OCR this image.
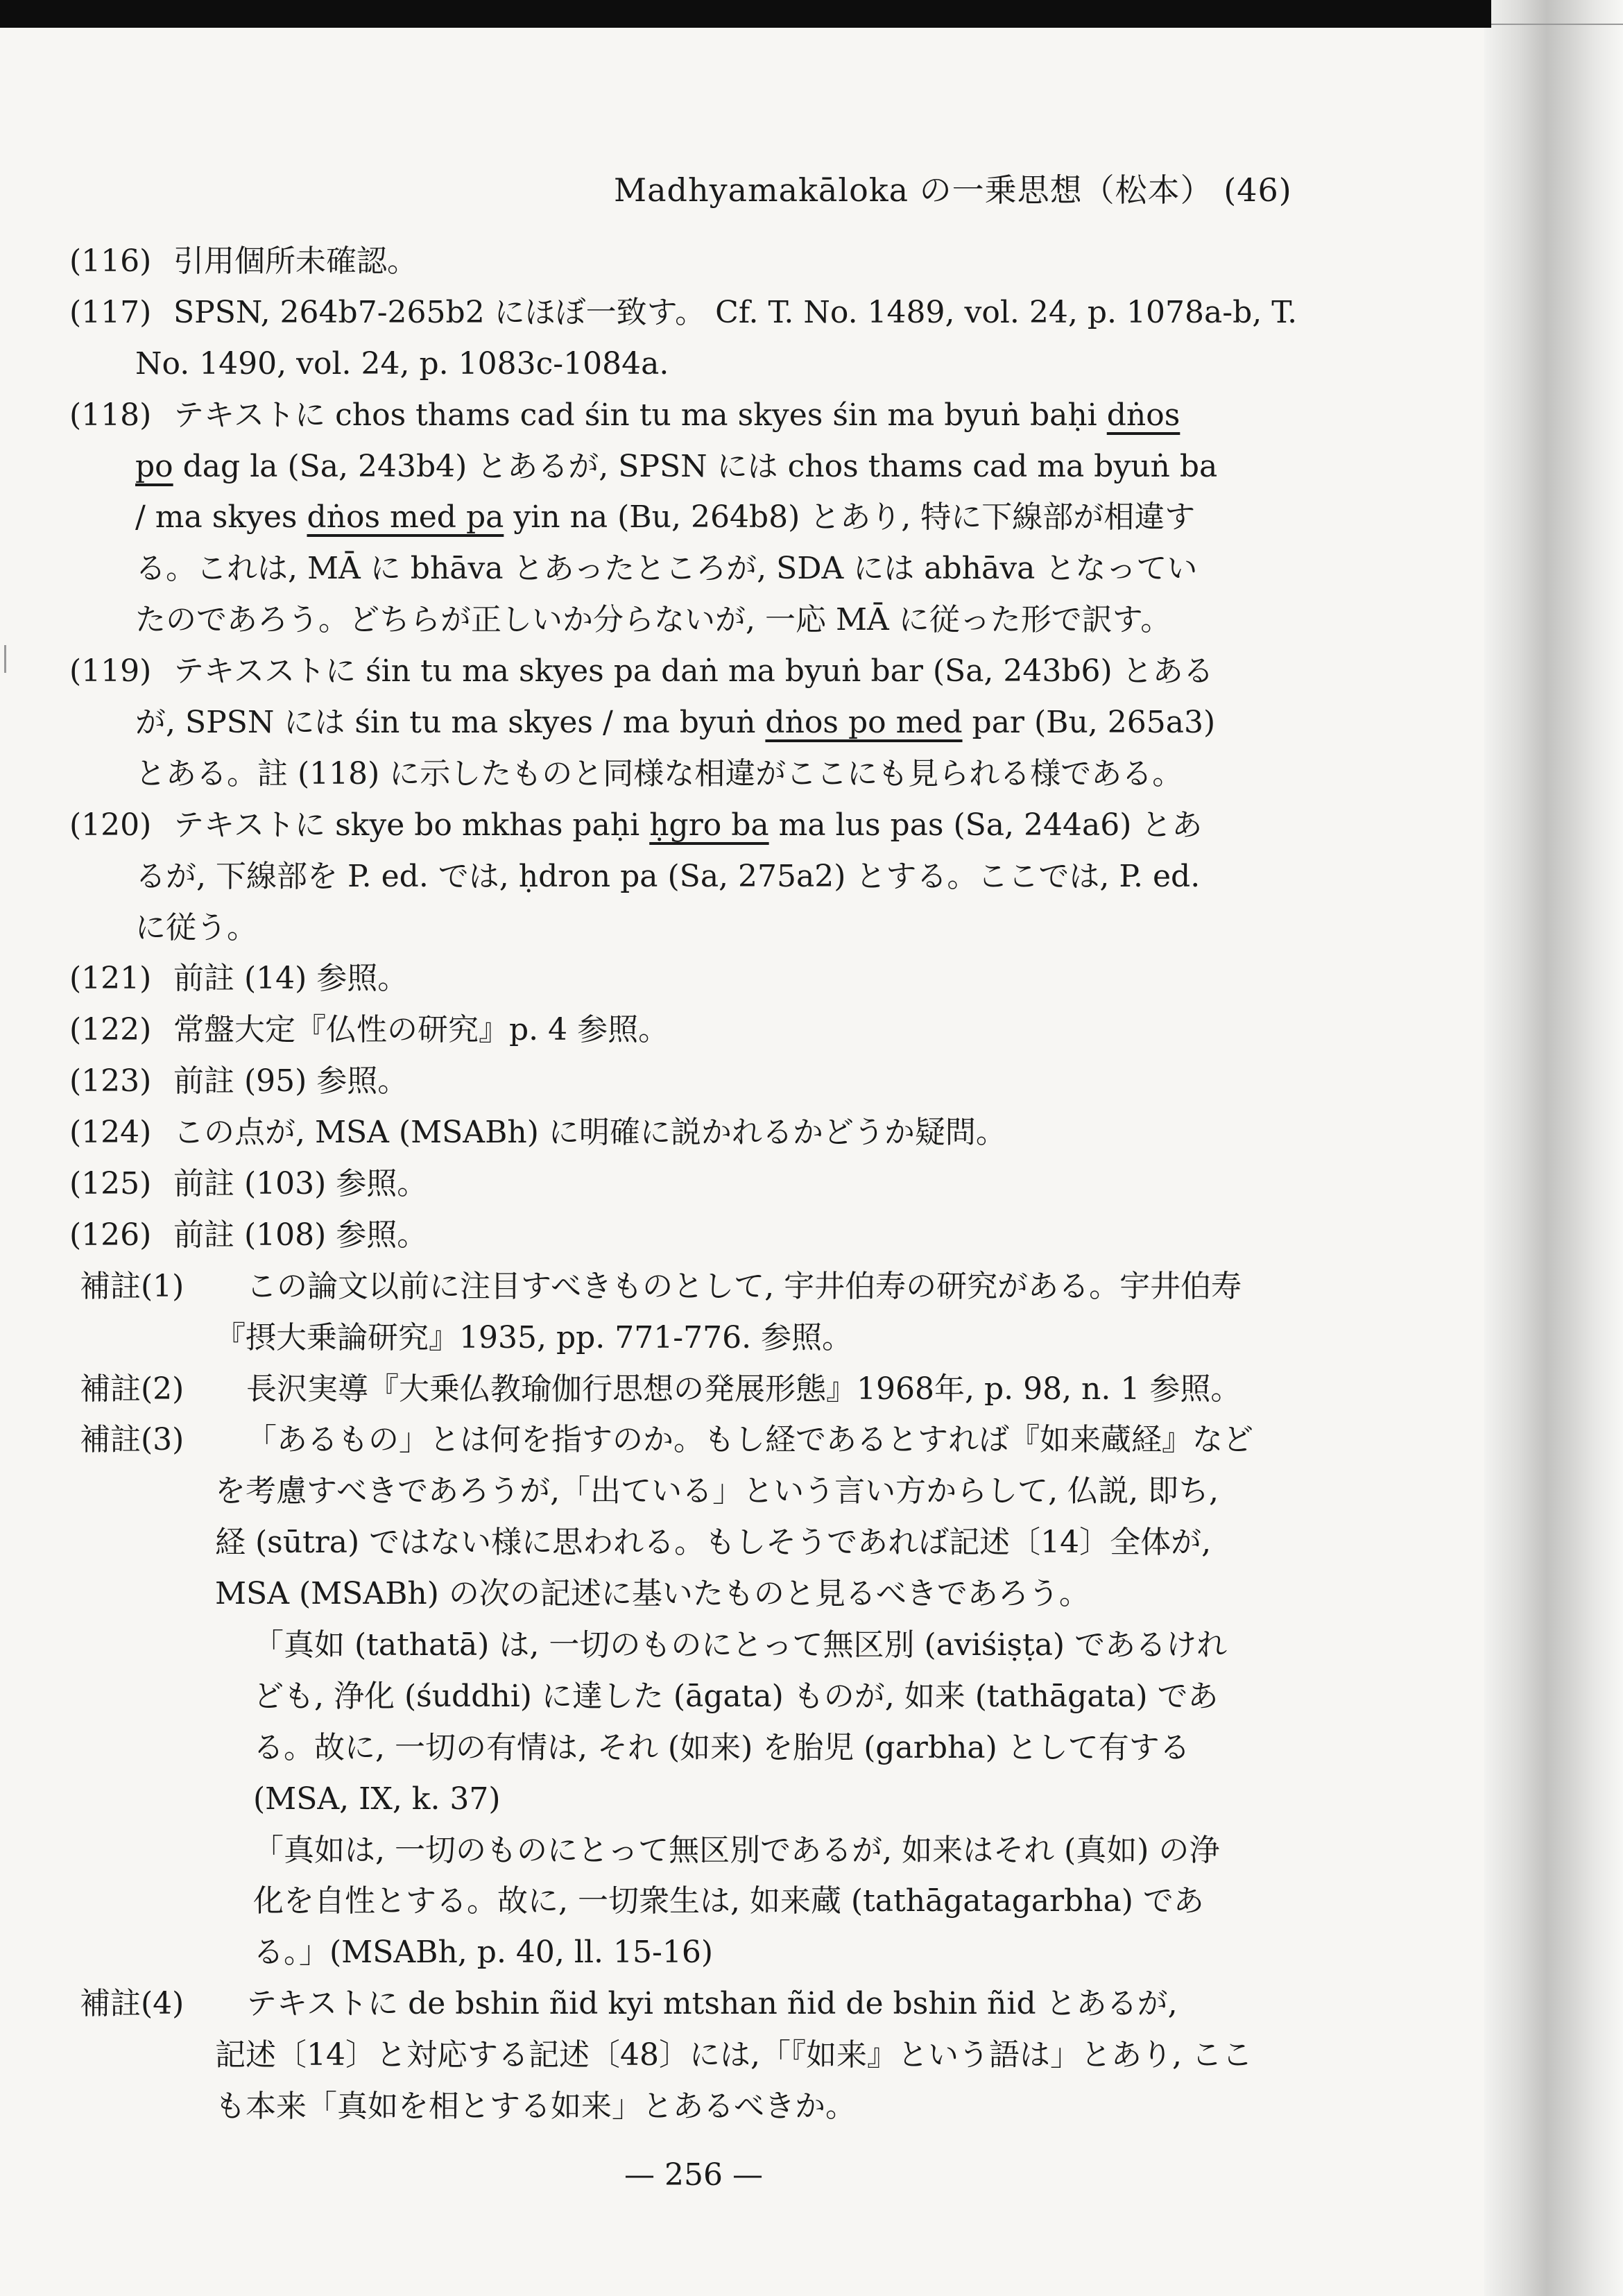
Madhyamakāloka の一乗思想（松本） (46)
(116) 引用個所未確認。
(117) SPSN, 264b7-265b2 にほぼ一致す。 Cf. T. No. 1489, vol. 24, p. 1078a-b, T.
No. 1490, vol. 24, p. 1083c-1084a.
(118) テキストに chos thams cad śin tu ma skyes śin ma byuṅ baḥi dṅos
po dag la (Sa, 243b4) とあるが, SPSN には chos thams cad ma byuṅ ba
/ ma skyes dṅos med pa yin na (Bu, 264b8) とあり, 特に下線部が相違す
る。これは, MĀ に bhāva とあったところが, SDA には abhāva となってい
たのであろう。どちらが正しいか分らないが, 一応 MĀ に従った形で訳す。
(119) テキスストに śin tu ma skyes pa daṅ ma byuṅ bar (Sa, 243b6) とある
が, SPSN には śin tu ma skyes / ma byuṅ dṅos po med par (Bu, 265a3)
とある。註 (118) に示したものと同様な相違がここにも見られる様である。
(120) テキストに skye bo mkhas paḥi ḥgro ba ma lus pas (Sa, 244a6) とあ
るが, 下線部を P. ed. では, ḥdron pa (Sa, 275a2) とする。ここでは, P. ed.
に従う。
(121) 前註 (14) 参照。
(122) 常盤大定『仏性の研究』p. 4 参照。
(123) 前註 (95) 参照。
(124) この点が, MSA (MSABh) に明確に説かれるかどうか疑問。
(125) 前註 (103) 参照。
(126) 前註 (108) 参照。
補註(1) この論文以前に注目すべきものとして, 宇井伯寿の研究がある。宇井伯寿
『摂大乗論研究』1935, pp. 771-776. 参照。
補註(2) 長沢実導『大乗仏教瑜伽行思想の発展形態』1968年, p. 98, n. 1 参照。
補註(3) 「あるもの」とは何を指すのか。もし経であるとすれば『如来蔵経』など
を考慮すべきであろうが,「出ている」という言い方からして, 仏説, 即ち,
経 (sūtra) ではない様に思われる。もしそうであれば記述〔14〕全体が,
MSA (MSABh) の次の記述に基いたものと見るべきであろう。
「真如 (tathatā) は, 一切のものにとって無区別 (aviśiṣṭa) であるけれ
ども, 浄化 (śuddhi) に達した (āgata) ものが, 如来 (tathāgata) であ
る。故に, 一切の有情は, それ (如来) を胎児 (garbha) として有する
(MSA, IX, k. 37)
「真如は, 一切のものにとって無区別であるが, 如来はそれ (真如) の浄
化を自性とする。故に, 一切衆生は, 如来蔵 (tathāgatagarbha) であ
る。」(MSABh, p. 40, ll. 15-16)
補註(4) テキストに de bshin ñid kyi mtshan ñid de bshin ñid とあるが,
記述〔14〕と対応する記述〔48〕には,「『如来』という語は」とあり, ここ
も本来「真如を相とする如来」とあるべきか。
— 256 —
